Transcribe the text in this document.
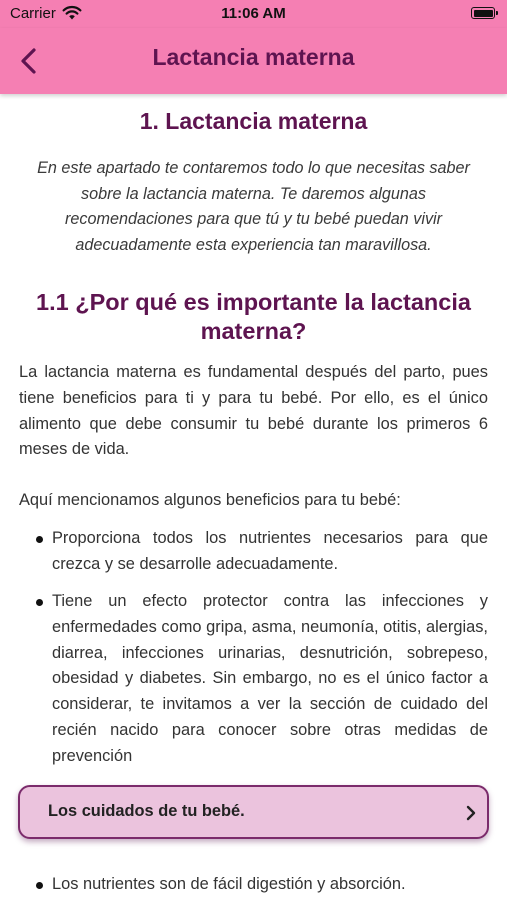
Carrier	11:06 AM
Lactancia materna
1. Lactancia materna
En este apartado te contaremos todo lo que necesitas saber sobre la lactancia materna. Te daremos algunas recomendaciones para que tú y tu bebé puedan vivir adecuadamente esta experiencia tan maravillosa.
1.1 ¿Por qué es importante la lactancia materna?
La lactancia materna es fundamental después del parto, pues tiene beneficios para ti y para tu bebé. Por ello, es el único alimento que debe consumir tu bebé durante los primeros 6 meses de vida.
Aquí mencionamos algunos beneficios para tu bebé:
Proporciona todos los nutrientes necesarios para que crezca y se desarrolle adecuadamente.
Tiene un efecto protector contra las infecciones y enfermedades como gripa, asma, neumonía, otitis, alergias, diarrea, infecciones urinarias, desnutrición, sobrepeso, obesidad y diabetes. Sin embargo, no es el único factor a considerar, te invitamos a ver la sección de cuidado del recién nacido para conocer sobre otras medidas de prevención
Los cuidados de tu bebé.
Los nutrientes son de fácil digestión y absorción.
